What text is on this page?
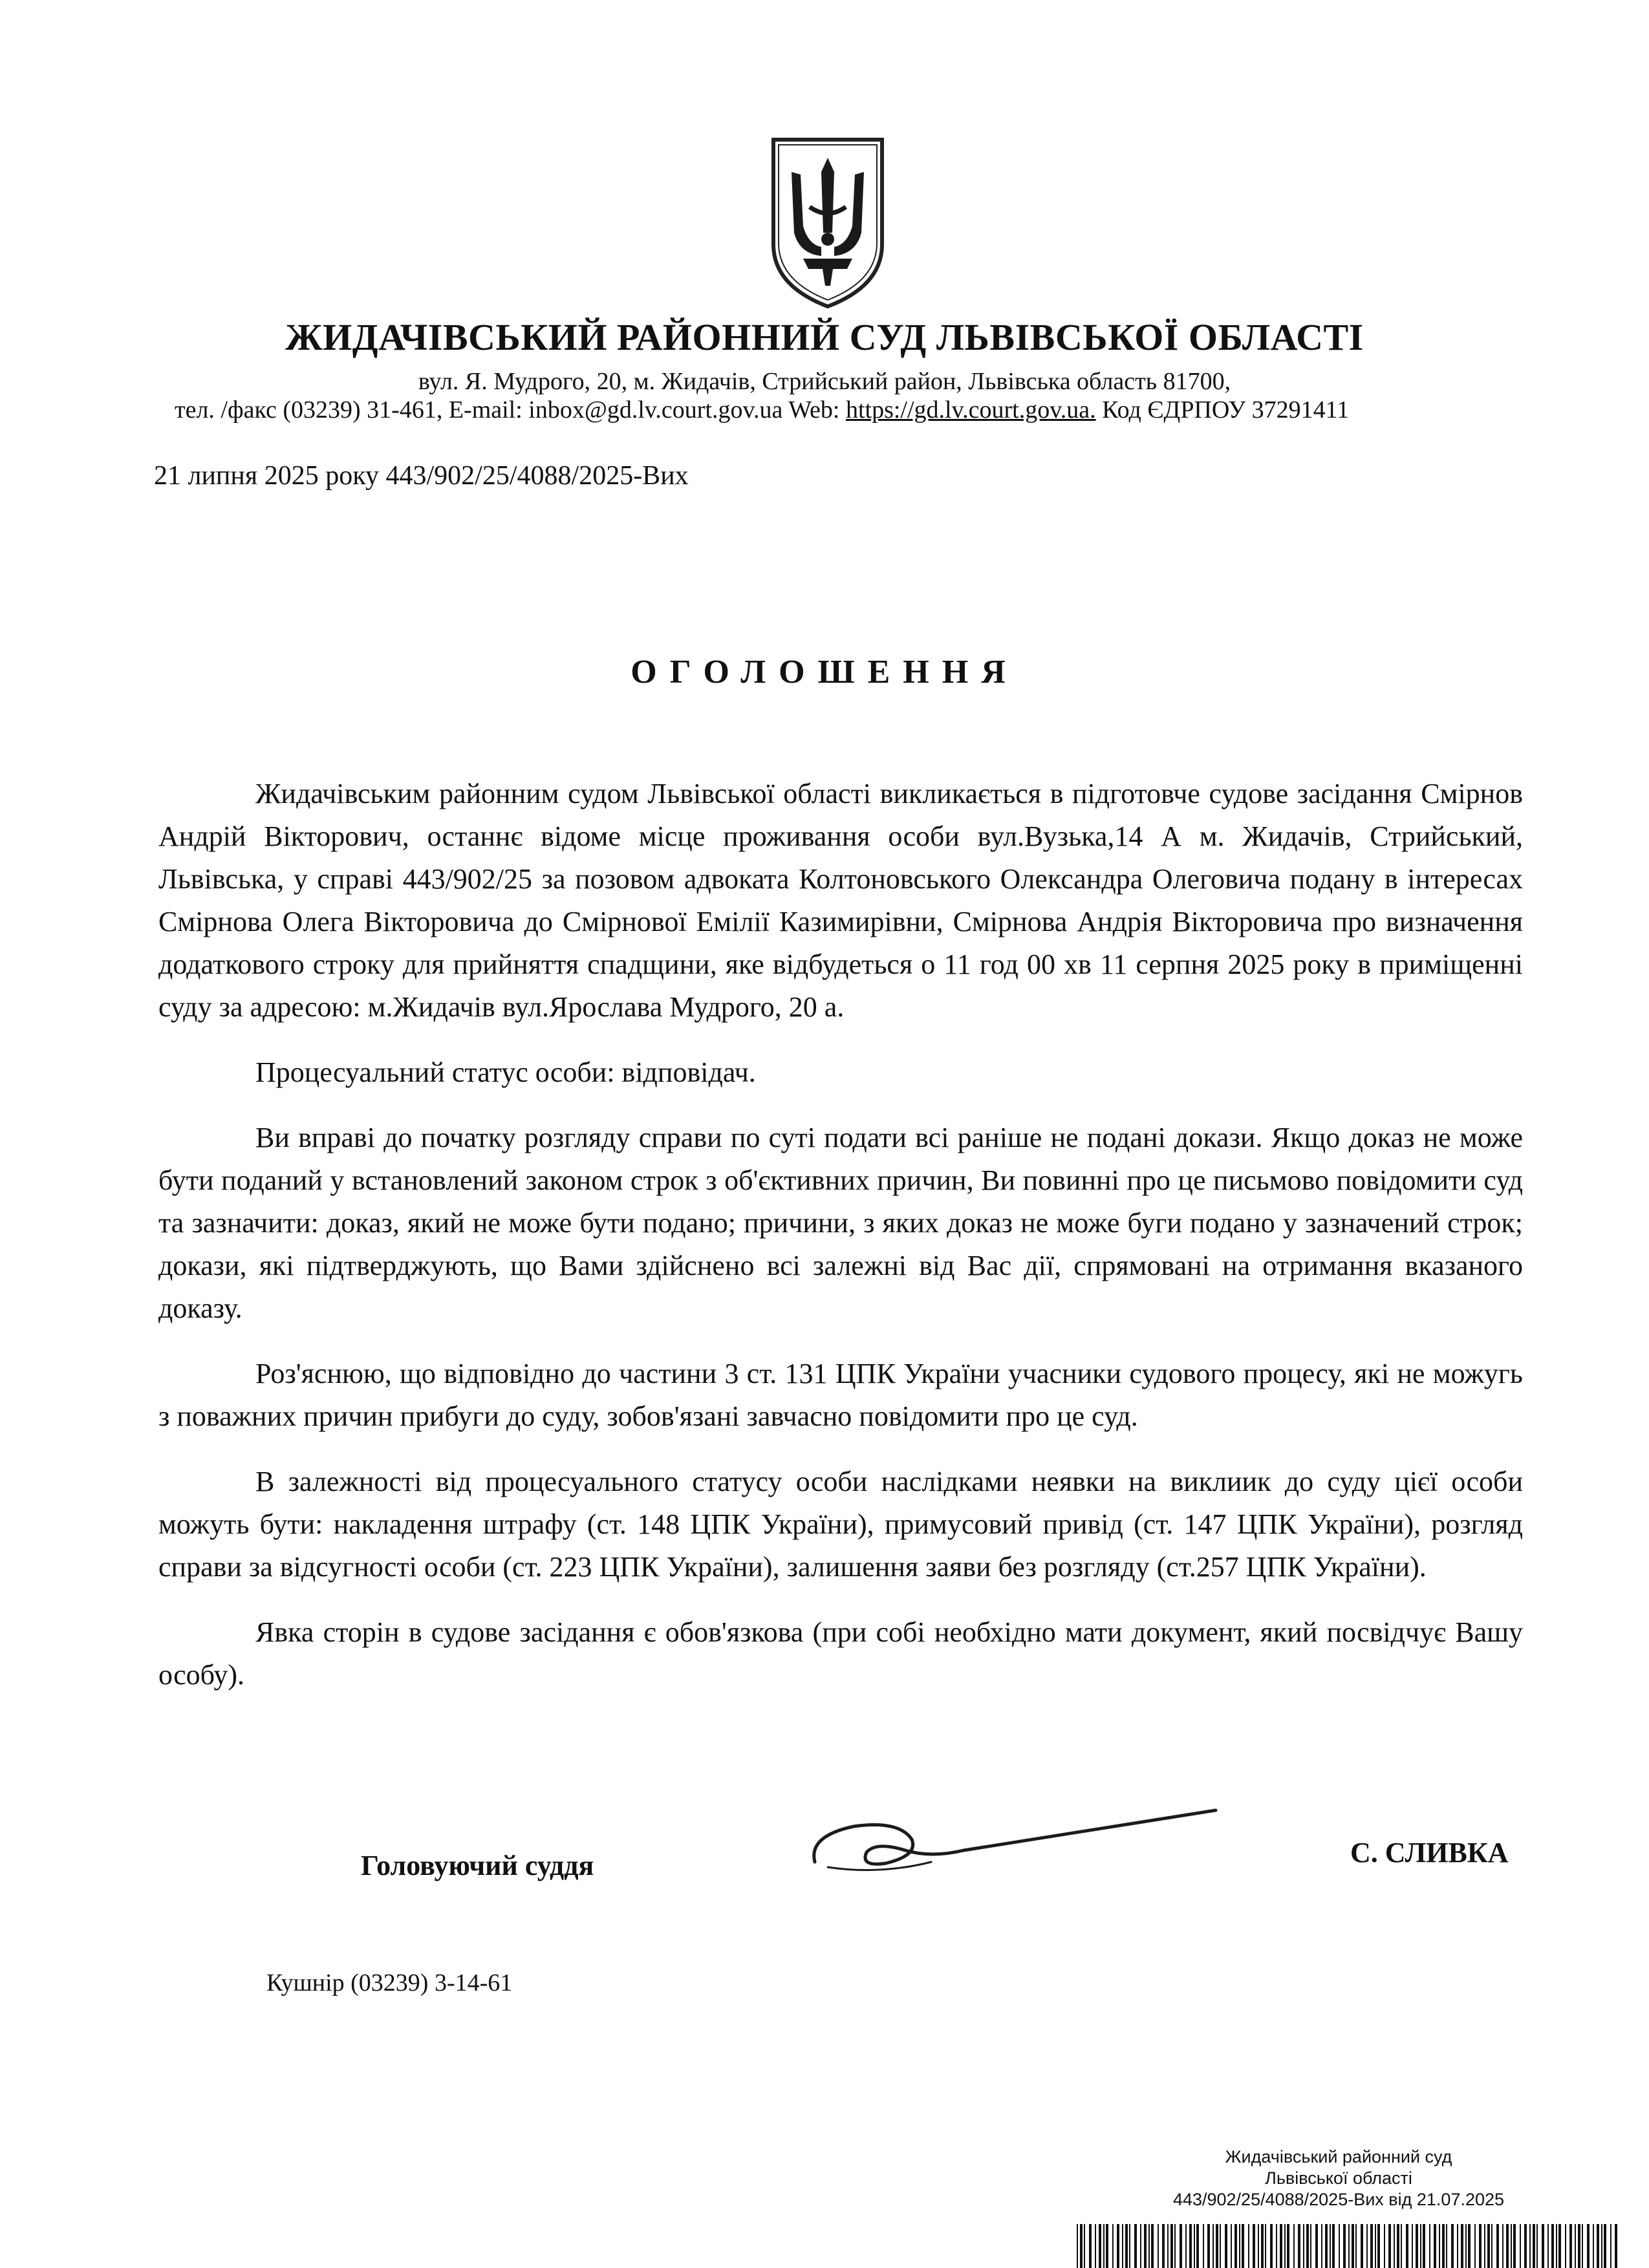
ЖИДАЧІВСЬКИЙ РАЙОННИЙ СУД ЛЬВІВСЬКОЇ ОБЛАСТІ
вул. Я. Мудрого, 20, м. Жидачів, Стрийський район, Львівська область 81700,
тел. /факс (03239) 31-461, E-mail: inbox@gd.lv.court.gov.ua Web: https://gd.lv.court.gov.ua. Код ЄДРПОУ 37291411
21 липня 2025 року 443/902/25/4088/2025-Вих
ОГОЛОШЕННЯ

Жидачівським районним судом Львівської області викликається в підготовче судове засідання Смірнов Андрій Вікторович, останнє відоме місце проживання особи вул.Вузька,14 А м. Жидачів, Стрийський, Львівська, у справі 443/902/25 за позовом адвоката Колтоновського Олександра Олеговича подану в інтересах Смірнова Олега Вікторовича до Смірнової Емілії Казимирівни, Смірнова Андрія Вікторовича про визначення додаткового строку для прийняття спадщини, яке відбудеться о 11 год 00 хв 11 серпня 2025 року в приміщенні суду за адресою: м.Жидачів вул.Ярослава Мудрого, 20 а.

Процесуальний статус особи: відповідач.

Ви вправі до початку розгляду справи по суті подати всі раніше не подані докази. Якщо доказ не може бути поданий у встановлений законом строк з об'єктивних причин, Ви повинні про це письмово повідомити суд та зазначити: доказ, який не може бути подано; причини, з яких доказ не може буги подано у зазначений строк; докази, які підтверджують, що Вами здійснено всі залежні від Вас дії, спрямовані на отримання вказаного доказу.

Роз'яснюю, що відповідно до частини 3 ст. 131 ЦПК України учасники судового процесу, які не можугь з поважних причин прибуги до суду, зобов'язані завчасно повідомити про це суд.

В залежності від процесуального статусу особи наслідками неявки на виклиик до суду цієї особи можуть бути: накладення штрафу (ст. 148 ЦПК України), примусовий привід (ст. 147 ЦПК України), розгляд справи за відсугності особи (ст. 223 ЦПК України), залишення заяви без розгляду (ст.257 ЦПК України).

Явка сторін в судове засідання є обов'язкова (при собі необхідно мати документ, який посвідчує Вашу особу).

Головуючий суддя	С. СЛИВКА
Кушнір (03239) 3-14-61
Жидачівський районний суд
Львівської області
443/902/25/4088/2025-Вих від 21.07.2025
